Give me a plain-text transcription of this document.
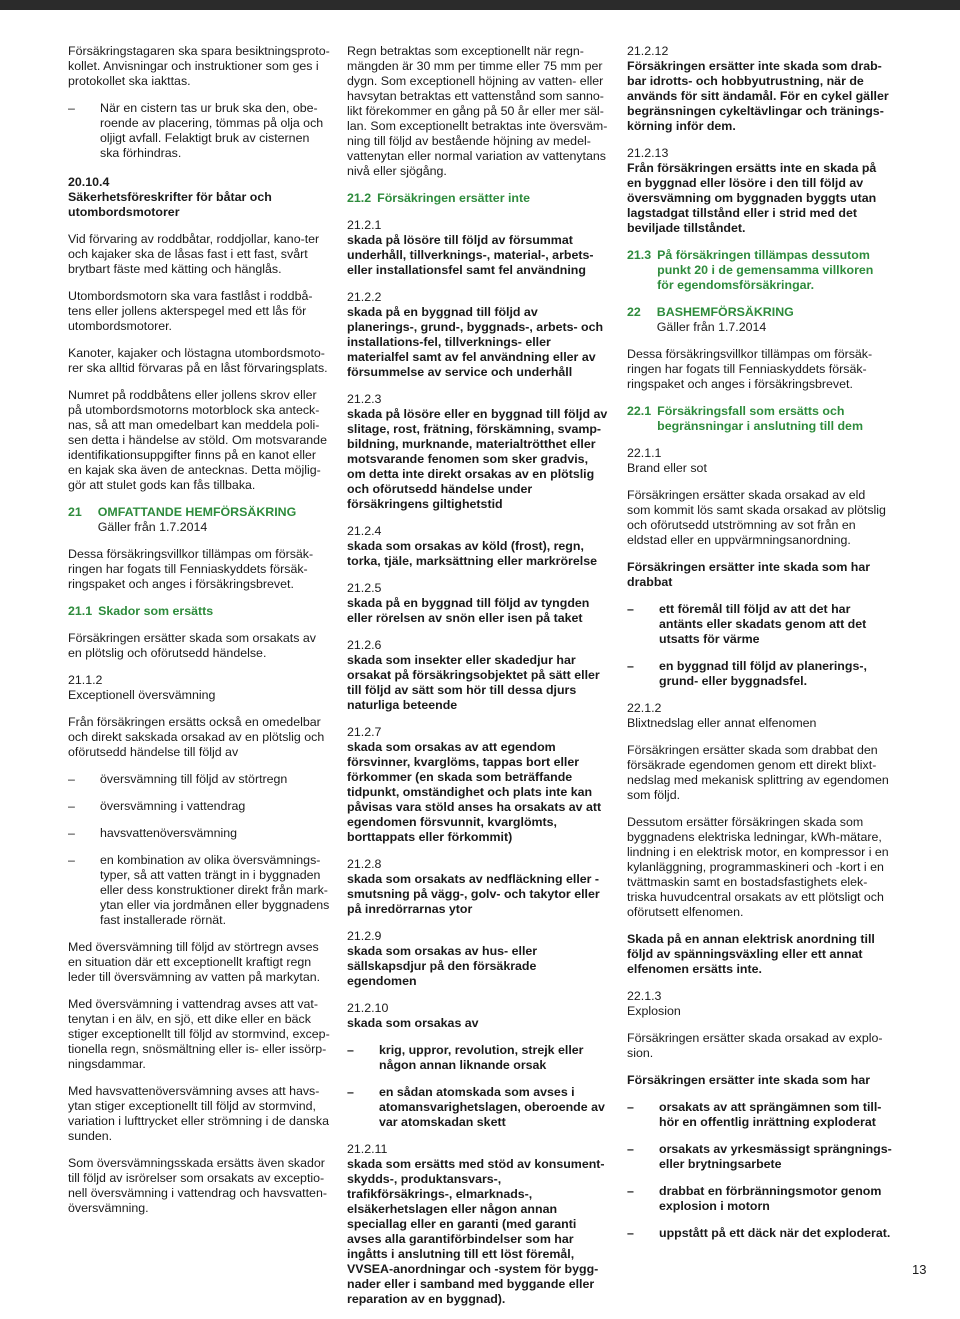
Försäkringstagaren ska spara besiktningsproto-kollet. Anvisningar och instruktioner som ges i protokollet ska iakttas.

–	När en cistern tas ur bruk ska den, obe-roende av placering, tömmas på olja och oljigt avfall. Felaktigt bruk av cisternen ska förhindras.

20.10.4
Säkerhetsföreskrifter för båtar och utombordsmotorer

Vid förvaring av roddbåtar, roddjollar, kano-ter och kajaker ska de låsas fast i ett fast, svårt brytbart fäste med kätting och hänglås.

Utombordsmotorn ska vara fastlåst i roddbå-tens eller jollens akterspegel med ett lås för utombordsmotorer.

Kanoter, kajaker och löstagna utombordsmoto-rer ska alltid förvaras på en låst förvaringsplats.

Numret på roddbåtens eller jollens skrov eller på utombordsmotorns motorblock ska anteck-nas, så att man omedelbart kan meddela poli-sen detta i händelse av stöld. Om motsvarande identifikationsuppgifter finns på en kanot eller en kajak ska även de antecknas. Detta möjlig-gör att stulet gods kan fås tillbaka.

21 OMFATTANDE HEMFÖRSÄKRING
Gäller från 1.7.2014

Dessa försäkringsvillkor tillämpas om försäk-ringen har fogats till Fenniaskyddets försäk-ringspaket och anges i försäkringsbrevet.

21.1 Skador som ersätts

Försäkringen ersätter skada som orsakats av en plötslig och oförutsedd händelse.

21.1.2
Exceptionell översvämning

Från försäkringen ersätts också en omedelbar och direkt sakskada orsakad av en plötslig och oförutsedd händelse till följd av

–	översvämning till följd av störtregn
–	översvämning i vattendrag
–	havsvattenöversvämning
–	en kombination av olika översvämnings-typer, så att vatten trängt in i byggnaden eller dess konstruktioner direkt från mark-ytan eller via jordmånen eller byggnadens fast installerade rörnät.

Med översvämning till följd av störtregn avses en situation där ett exceptionellt kraftigt regn leder till översvämning av vatten på markytan.

Med översvämning i vattendrag avses att vat-tenytan i en älv, en sjö, ett dike eller en bäck stiger exceptionellt till följd av stormvind, excep-tionella regn, snösmältning eller is- eller issörp-ningsdammar.

Med havsvattenöversvämning avses att havs-ytan stiger exceptionellt till följd av stormvind, variation i lufttrycket eller strömning i de danska sunden.

Som översvämningsskada ersätts även skador till följd av isrörelser som orsakats av exceptio-nell översvämning i vattendrag och havsvatten-översvämning.

Regn betraktas som exceptionellt när regn-mängden är 30 mm per timme eller 75 mm per dygn. Som exceptionell höjning av vatten- eller havsytan betraktas ett vattenstånd som sanno-likt förekommer en gång på 50 år eller mer säl-lan. Som exceptionellt betraktas inte översväm-ning till följd av bestående höjning av medel-vattenytan eller normal variation av vattenytans nivå eller sjögång.

21.2 Försäkringen ersätter inte

21.2.1
skada på lösöre till följd av försummat underhåll, tillverknings-, material-, arbets-eller installationsfel samt fel användning

21.2.2
skada på en byggnad till följd av planerings-, grund-, byggnads-, arbets- och installations-fel, tillverknings- eller materialfel samt av fel användning eller av försummelse av service och underhåll

21.2.3
skada på lösöre eller en byggnad till följd av slitage, rost, frätning, förskämning, svamp-bildning, murknande, materialtrötthet eller motsvarande fenomen som sker gradvis, om detta inte direkt orsakas av en plötslig och oförutsedd händelse under försäkringens giltighetstid

21.2.4
skada som orsakas av köld (frost), regn, torka, tjäle, marksättning eller markrörelse

21.2.5
skada på en byggnad till följd av tyngden eller rörelsen av snön eller isen på taket

21.2.6
skada som insekter eller skadedjur har orsakat på försäkringsobjektet på sätt eller till följd av sätt som hör till dessa djurs naturliga beteende

21.2.7
skada som orsakas av att egendom försvinner, kvarglöms, tappas bort eller förkommer (en skada som beträffande tidpunkt, omständighet och plats inte kan påvisas vara stöld anses ha orsakats av att egendomen försvunnit, kvarglömts, borttappats eller förkommit)

21.2.8
skada som orsakats av nedfläckning eller -smutsning på vägg-, golv- och takytor eller på inredörrarnas ytor

21.2.9
skada som orsakas av hus- eller sällskapsdjur på den försäkrade egendomen

21.2.10
skada som orsakas av

–	krig, uppror, revolution, strejk eller någon annan liknande orsak
–	en sådan atomskada som avses i atomansvarighetslagen, oberoende av var atomskadan skett

21.2.11
skada som ersätts med stöd av konsument-skydds-, produktansvars-, trafikförsäkrings-, elmarknads-, elsäkerhetslagen eller någon annan speciallag eller en garanti (med garanti avses alla garantiförbindelser som har ingåtts i anslutning till ett löst föremål, VVSEA-anordningar och -system för bygg-nader eller i samband med byggande eller reparation av en byggnad).

21.2.12
Försäkringen ersätter inte skada som drab-bar idrotts- och hobbyutrustning, när de används för sitt ändamål. För en cykel gäller begränsningen cykeltävlingar och tränings-körning inför dem.

21.2.13
Från försäkringen ersätts inte en skada på en byggnad eller lösöre i den till följd av översvämning om byggnaden byggts utan lagstadgat tillstånd eller i strid med det beviljade tillståndet.

21.3 På försäkringen tillämpas dessutom punkt 20 i de gemensamma villkoren för egendomsförsäkringar.
22 BASHEMFÖRSÄKRING
Gäller från 1.7.2014

Dessa försäkringsvillkor tillämpas om försäk-ringen har fogats till Fenniaskyddets försäk-ringspaket och anges i försäkringsbrevet.

22.1 Försäkringsfall som ersätts och begränsningar i anslutning till dem

22.1.1
Brand eller sot

Försäkringen ersätter skada orsakad av eld som kommit lös samt skada orsakad av plötslig och oförutsedd utströmning av sot från en eldstad eller en uppvärmningsanordning.

Försäkringen ersätter inte skada som har drabbat

–	ett föremål till följd av att det har antänts eller skadats genom att det utsatts för värme
–	en byggnad till följd av planerings-, grund- eller byggnadsfel.

22.1.2
Blixtnedslag eller annat elfenomen

Försäkringen ersätter skada som drabbat den försäkrade egendomen genom ett direkt blixt-nedslag med mekanisk splittring av egendomen som följd.

Dessutom ersätter försäkringen skada som byggnadens elektriska ledningar, kWh-mätare, lindning i en elektrisk motor, en kompressor i en kylanläggning, programmaskineri och -kort i en tvättmaskin samt en bostadsfastighets elek-triska huvudcentral orsakats av ett plötsligt och oförutsett elfenomen.

Skada på en annan elektrisk anordning till följd av spänningsväxling eller ett annat elfenomen ersätts inte.

22.1.3
Explosion

Försäkringen ersätter skada orsakad av explo-sion.

Försäkringen ersätter inte skada som har

–	orsakats av att sprängämnen som till-hör en offentlig inrättning exploderat
–	orsakats av yrkesmässigt sprängnings-eller brytningsarbete
–	drabbat en förbränningsmotor genom explosion i motorn
–	uppstått på ett däck när det exploderat.
13
